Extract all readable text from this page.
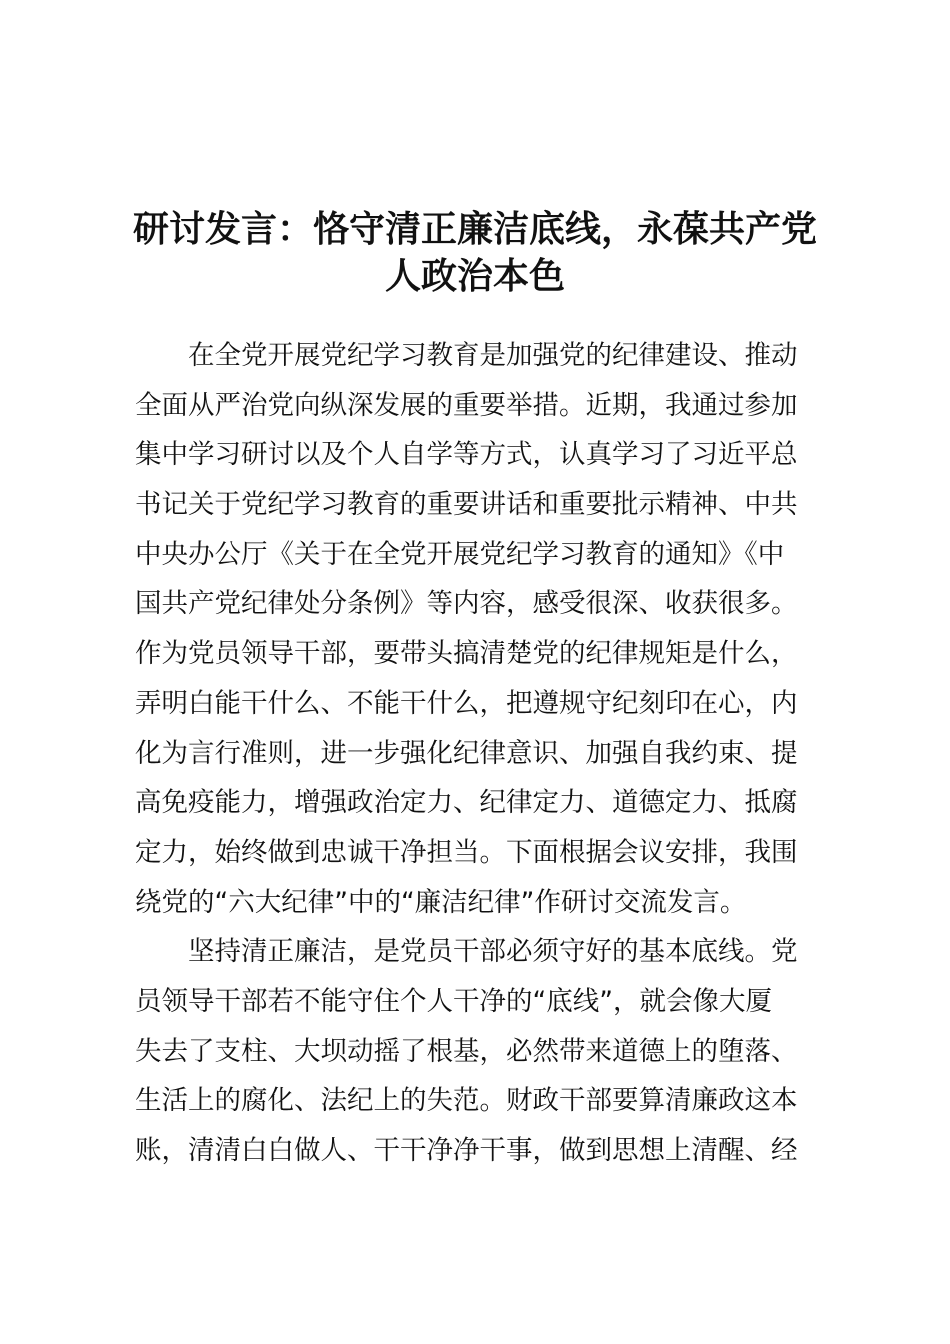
研讨发言：恪守清正廉洁底线，永葆共产党
人政治本色
在全党开展党纪学习教育是加强党的纪律建设、推动
全面从严治党向纵深发展的重要举措。近期，我通过参加
集中学习研讨以及个人自学等方式，认真学习了习近平总
书记关于党纪学习教育的重要讲话和重要批示精神、中共
中央办公厅《关于在全党开展党纪学习教育的通知》《中
国共产党纪律处分条例》等内容，感受很深、收获很多。
作为党员领导干部，要带头搞清楚党的纪律规矩是什么，
弄明白能干什么、不能干什么，把遵规守纪刻印在心，内
化为言行准则，进一步强化纪律意识、加强自我约束、提
高免疫能力，增强政治定力、纪律定力、道德定力、抵腐
定力，始终做到忠诚干净担当。下面根据会议安排，我围
绕党的“六大纪律”中的“廉洁纪律”作研讨交流发言。
坚持清正廉洁，是党员干部必须守好的基本底线。党
员领导干部若不能守住个人干净的“底线”，就会像大厦
失去了支柱、大坝动摇了根基，必然带来道德上的堕落、
生活上的腐化、法纪上的失范。财政干部要算清廉政这本
账，清清白白做人、干干净净干事，做到思想上清醒、经
